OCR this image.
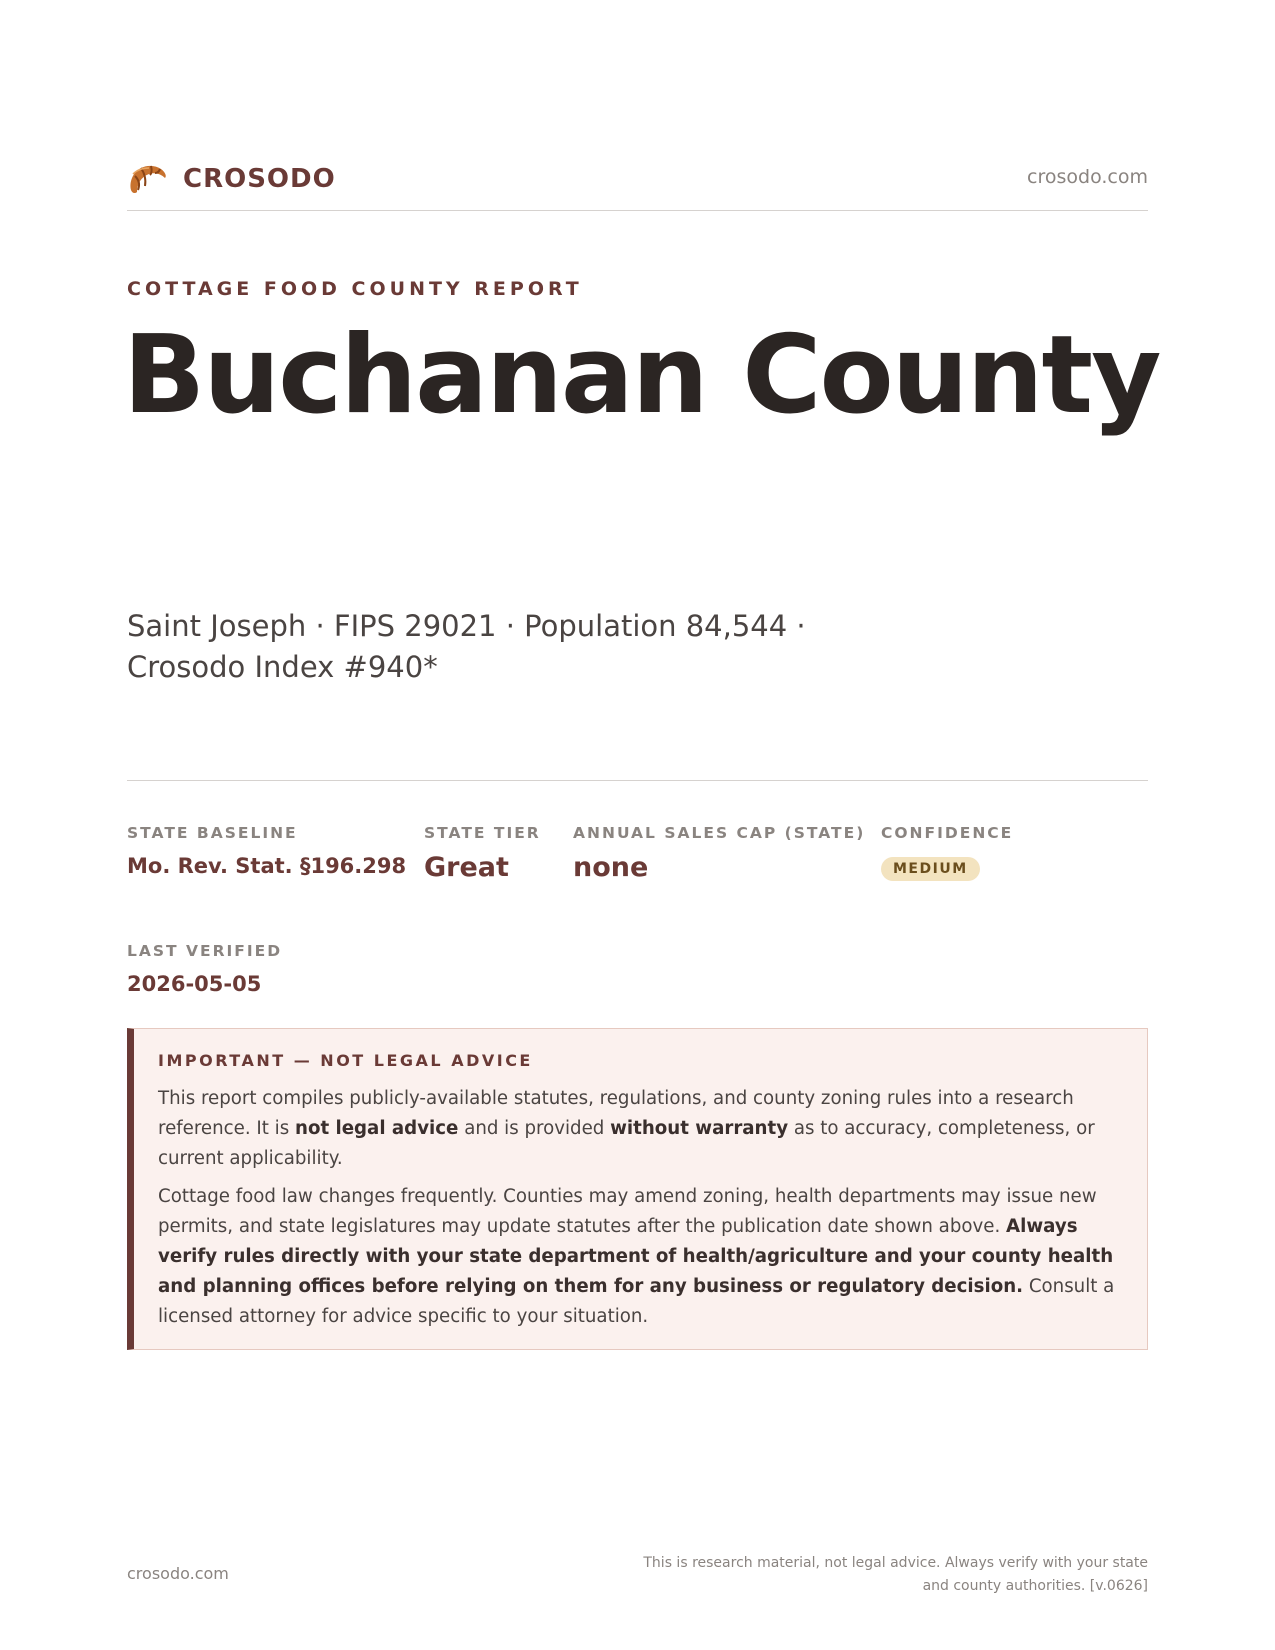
CROSODO	crosodo.com
COTTAGE FOOD COUNTY REPORT
Buchanan County
Saint Joseph · FIPS 29021 · Population 84,544 · Crosodo Index #940*
STATE BASELINE
Mo. Rev. Stat. §196.298
STATE TIER
Great
ANNUAL SALES CAP (STATE)
none
CONFIDENCE
MEDIUM
LAST VERIFIED
2026-05-05
IMPORTANT — NOT LEGAL ADVICE

This report compiles publicly-available statutes, regulations, and county zoning rules into a research reference. It is not legal advice and is provided without warranty as to accuracy, completeness, or current applicability.

Cottage food law changes frequently. Counties may amend zoning, health departments may issue new permits, and state legislatures may update statutes after the publication date shown above. Always verify rules directly with your state department of health/agriculture and your county health and planning offices before relying on them for any business or regulatory decision. Consult a licensed attorney for advice specific to your situation.

crosodo.com
This is research material, not legal advice. Always verify with your state
and county authorities. [v.0626]
